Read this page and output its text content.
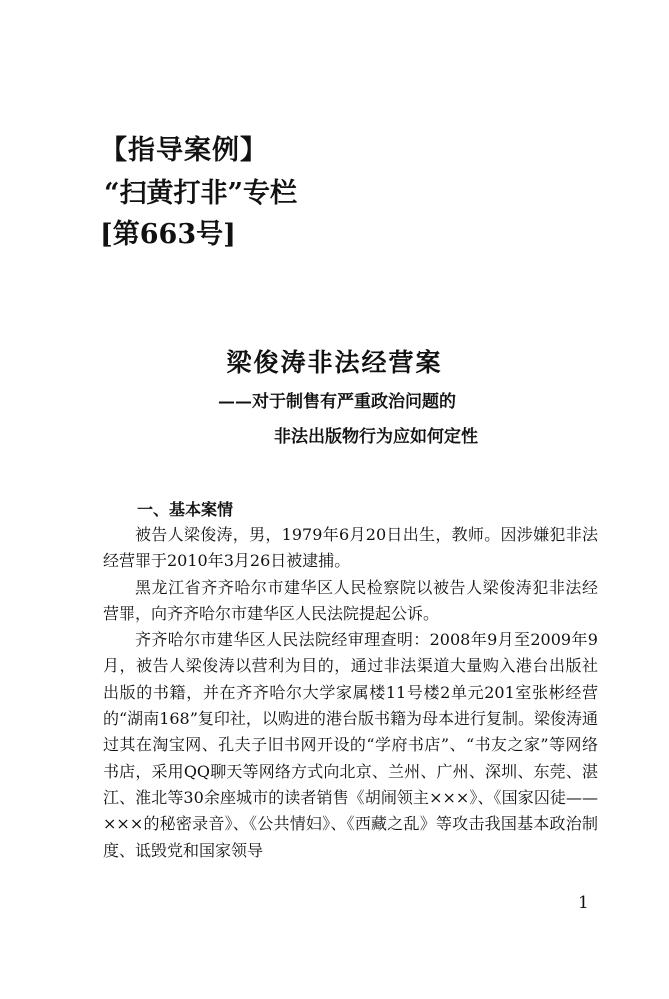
【指导案例】
“扫黄打非”专栏
[第663号]
梁俊涛非法经营案
——对于制售有严重政治问题的
非法出版物行为应如何定性
一、基本案情

被告人梁俊涛，男，1979年6月20日出生，教师。因涉嫌犯非法经营罪于2010年3月26日被逮捕。

黑龙江省齐齐哈尔市建华区人民检察院以被告人梁俊涛犯非法经营罪，向齐齐哈尔市建华区人民法院提起公诉。

齐齐哈尔市建华区人民法院经审理查明：2008年9月至2009年9月，被告人梁俊涛以营利为目的，通过非法渠道大量购入港台出版社出版的书籍，并在齐齐哈尔大学家属楼11号楼2单元201室张彬经营的“湖南168”复印社，以购进的港台版书籍为母本进行复制。梁俊涛通过其在淘宝网、孔夫子旧书网开设的“学府书店”、“书友之家”等网络书店，采用QQ聊天等网络方式向北京、兰州、广州、深圳、东莞、湛江、淮北等30余座城市的读者销售《胡闹领主×××》、《国家囚徒——×××的秘密录音》、《公共情妇》、《西藏之乱》等攻击我国基本政治制度、诋毁党和国家领导

1
